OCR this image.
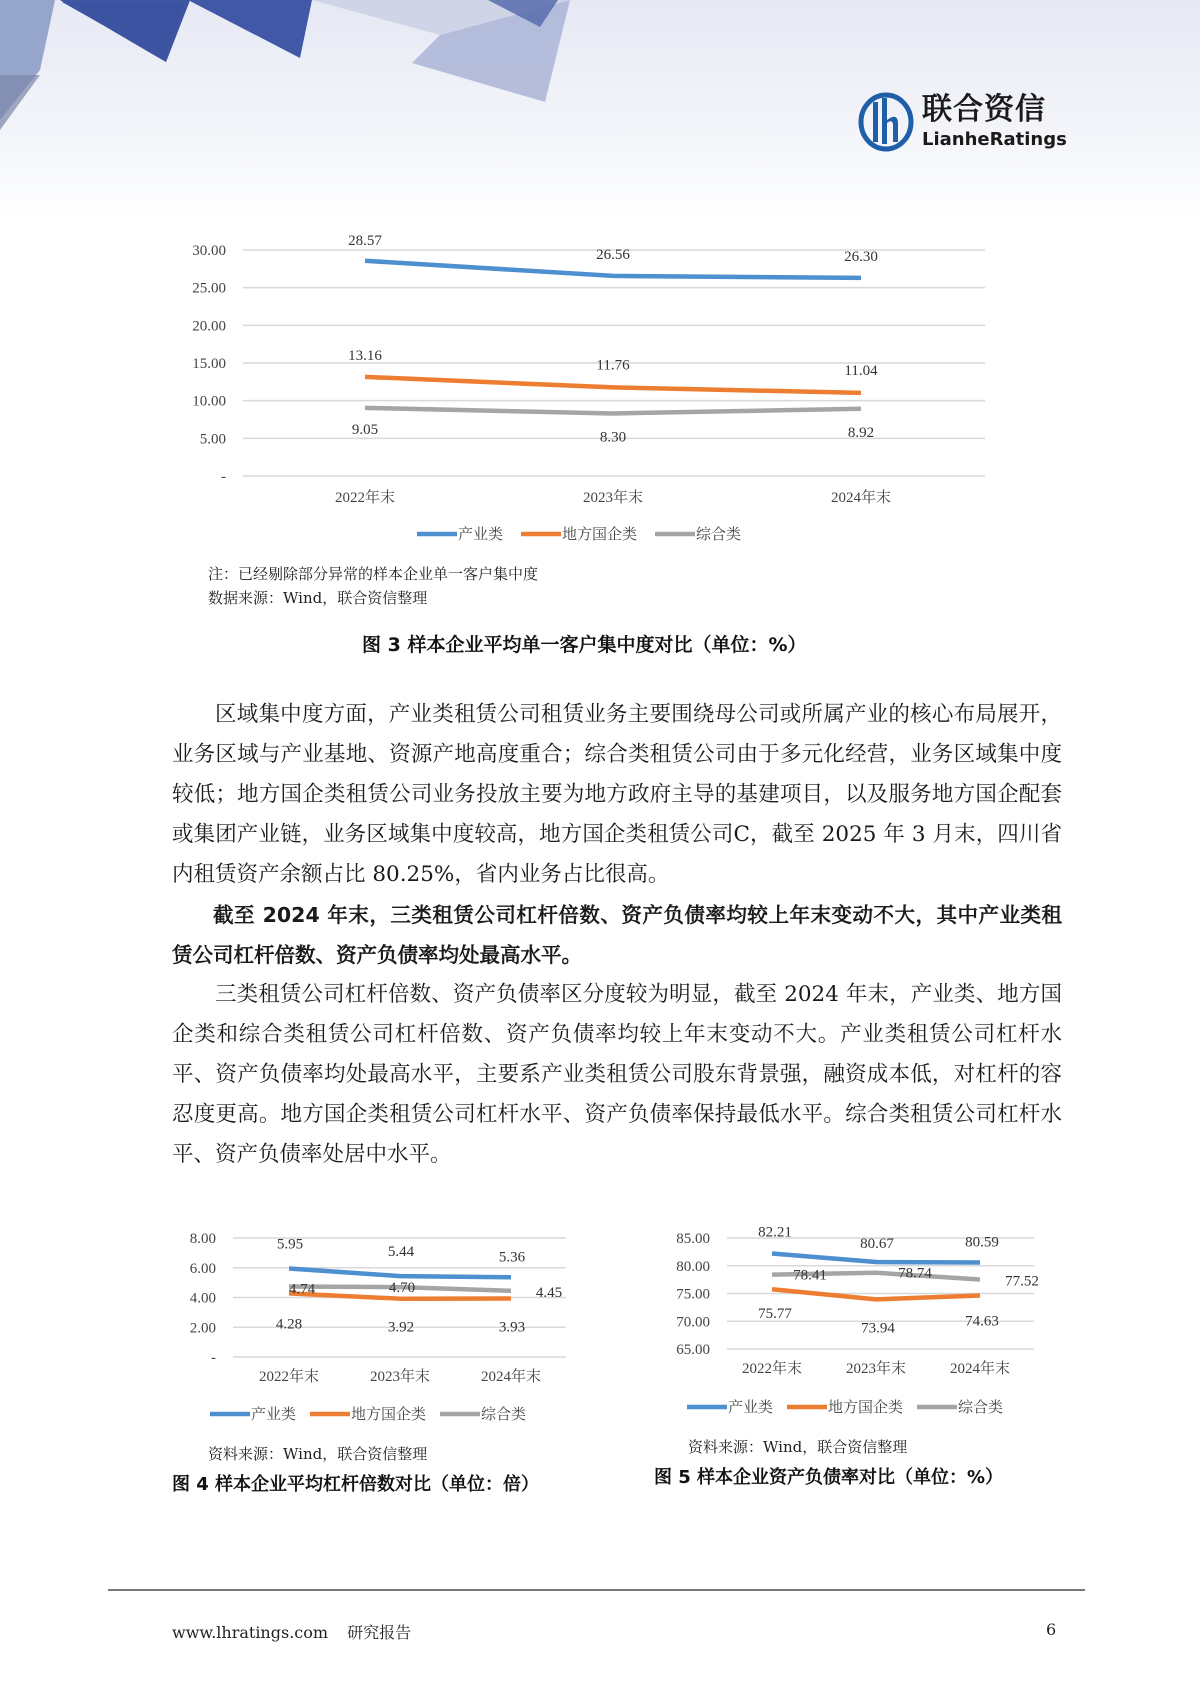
联合资信
LianheRatings
30.00
25.00
20.00
15.00
10.00
5.00
-
2022年末	2023年末	2024年末
28.57
26.56	26.30
13.16
11.76	11.04
9.05	8.30	8.92
产业类	地方国企类	综合类
注：已经剔除部分异常的样本企业单一客户集中度
数据来源：Wind，联合资信整理
图 3 样本企业平均单一客户集中度对比（单位：%）

区域集中度方面，产业类租赁公司租赁业务主要围绕母公司或所属产业的核心布局展开，业务区域与产业基地、资源产地高度重合；综合类租赁公司由于多元化经营，业务区域集中度较低；地方国企类租赁公司业务投放主要为地方政府主导的基建项目，以及服务地方国企配套或集团产业链，业务区域集中度较高，地方国企类租赁公司C，截至 2025 年 3 月末，四川省内租赁资产余额占比 80.25%，省内业务占比很高。

截至 2024 年末，三类租赁公司杠杆倍数、资产负债率均较上年末变动不大，其中产业类租赁公司杠杆倍数、资产负债率均处最高水平。

三类租赁公司杠杆倍数、资产负债率区分度较为明显，截至 2024 年末，产业类、地方国企类和综合类租赁公司杠杆倍数、资产负债率均较上年末变动不大。产业类租赁公司杠杆水平、资产负债率均处最高水平，主要系产业类租赁公司股东背景强，融资成本低，对杠杆的容忍度更高。地方国企类租赁公司杠杆水平、资产负债率保持最低水平。综合类租赁公司杠杆水平、资产负债率处居中水平。

8.00
6.00
4.00
2.00
-
2022年末	2023年末	2024年末
5.95	5.44	5.36
4.28	3.92	3.93
4.74	4.70	4.45
产业类	地方国企类	综合类
85.00
80.00
75.00
70.00
65.00
2022年末	2023年末	2024年末
82.21
80.67	80.59
75.77
73.94	74.63
78.41	78.74	77.52
产业类	地方国企类	综合类
资料来源：Wind，联合资信整理
图 4 样本企业平均杠杆倍数对比（单位：倍）
资料来源：Wind，联合资信整理
图 5 样本企业资产负债率对比（单位：%）
www.lhratings.com 研究报告	6
